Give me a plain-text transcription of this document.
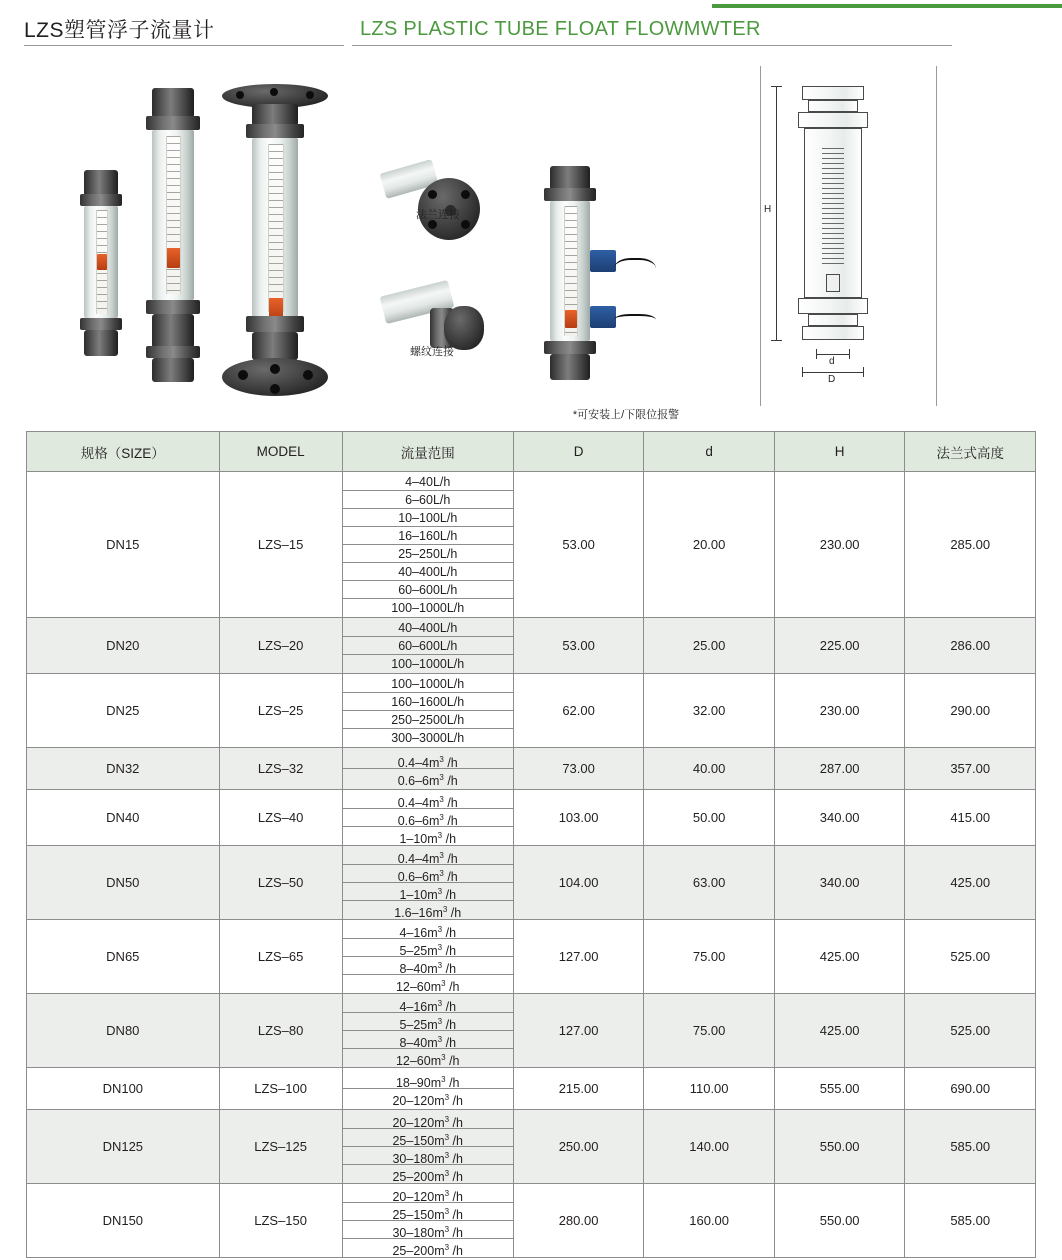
LZS塑管浮子流量计	LZS PLASTIC TUBE FLOAT FLOWMWTER
法兰连接
螺纹连接
*可安装上/下限位报警
H
d
D
规格（SIZE）	MODEL	流量范围	D	d	H	法兰式高度
DN15	LZS–15	
4–40L/h
6–60L/h
10–100L/h
16–160L/h
25–250L/h
40–400L/h
60–600L/h
100–1000L/h
	53.00	20.00	230.00	285.00
DN20	LZS–20	40–400L/h
60–600L/h
100–1000L/h	53.00	25.00	225.00	286.00
DN25	LZS–25	100–1000L/h
160–1600L/h
250–2500L/h
300–3000L/h	62.00	32.00	230.00	290.00
DN32	LZS–32	$0.4-4m^3$ /h
$0.6-6m^3$ /h	73.00	40.00	287.00	357.00
DN40	LZS–40	$0.4-4m^3$ /h
$0.6-6m^3$ /h
$1-10m^3$ /h	103.00	50.00	340.00	415.00
DN50	LZS–50	$0.4-4m^3$ /h
$0.6-6m^3$ /h
$1-10m^3$ /h
$1.6-16m^3$ /h	104.00	63.00	340.00	425.00
DN65	LZS–65	$4-16m^3$ /h
$5-25m^3$ /h
$8-40m^3$ /h
$12-60m^3$ /h	127.00	75.00	425.00	525.00
DN80	LZS–80	$4-16m^3$ /h
$5-25m^3$ /h
$8-40m^3$ /h
$12-60m^3$ /h	127.00	75.00	425.00	525.00
DN100	LZS–100	$18-90m^3$ /h
$20-120m^3$ /h	215.00	110.00	555.00	690.00
DN125	LZS–125	$20-120m^3$ /h
$25-150m^3$ /h
$30-180m^3$ /h
$25-200m^3$ /h	250.00	140.00	550.00	585.00
DN150	LZS–150	$20-120m^3$ /h
$25-150m^3$ /h
$30-180m^3$ /h
$25-200m^3$ /h	280.00	160.00	550.00	585.00
